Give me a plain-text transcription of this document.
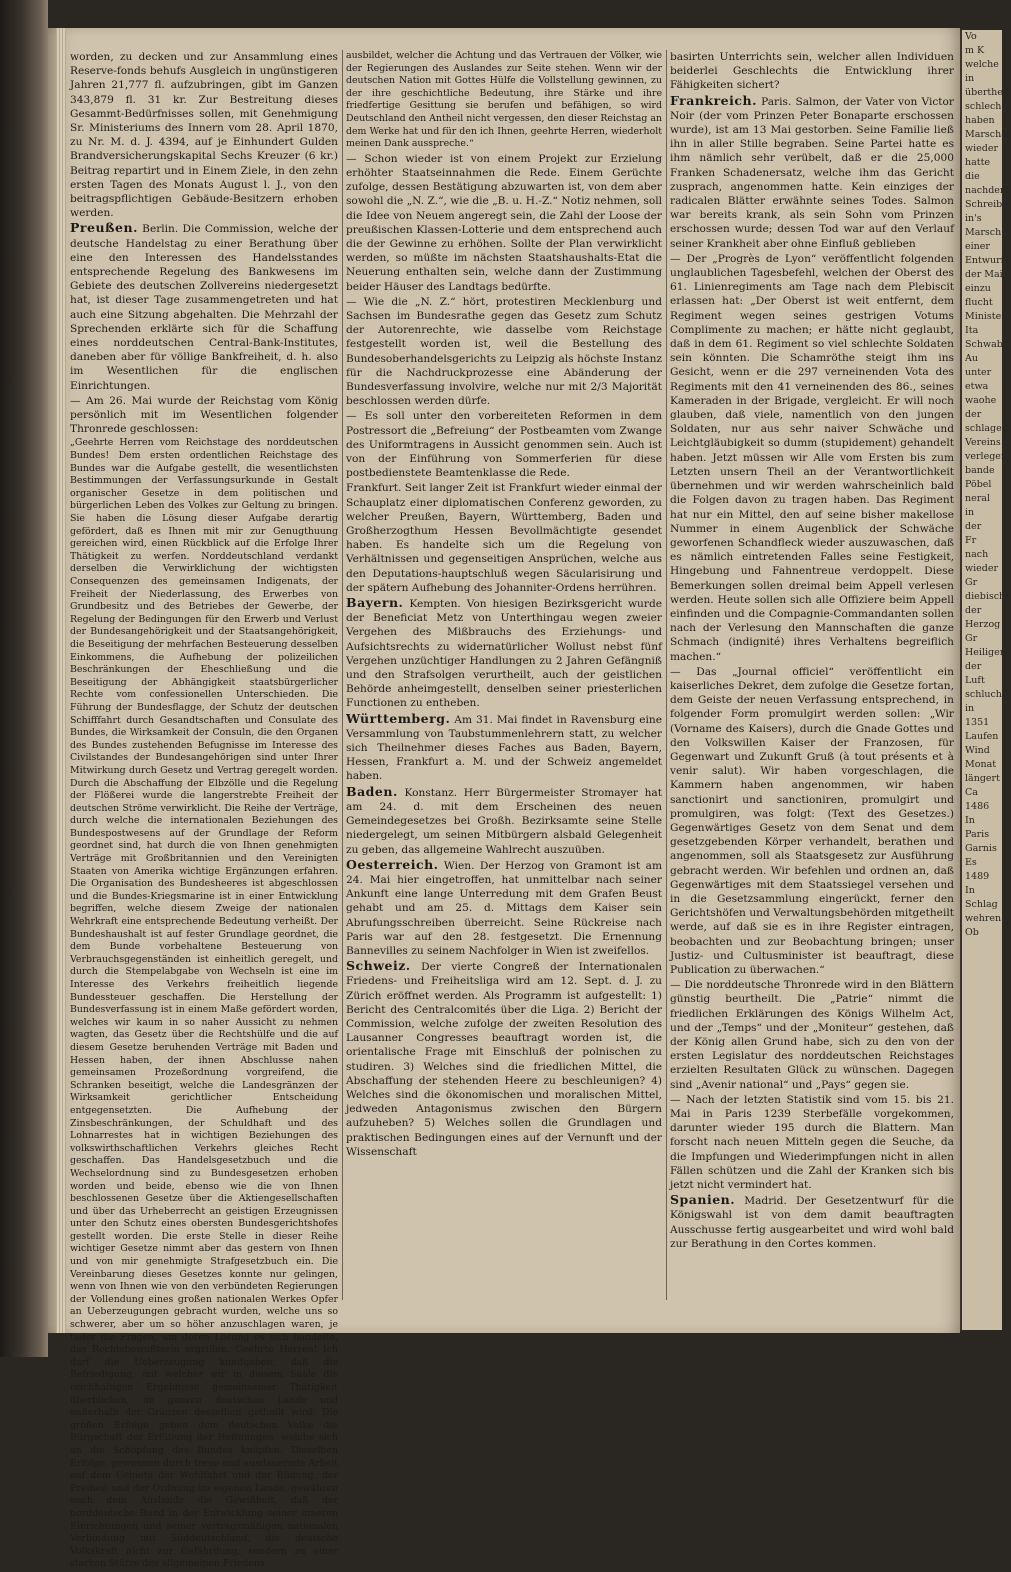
worden, zu decken und zur Ansammlung eines Reserve-fonds behufs Ausgleich in ungünstigeren Jahren 21,777 fl. aufzubringen, gibt im Ganzen 343,879 fl. 31 kr. Zur Bestreitung dieses Gesammt-Bedürfnisses sollen, mit Genehmigung Sr. Ministeriums des Innern vom 28. April 1870, zu Nr. M. d. J. 4394, auf je Einhundert Gulden Brandversicherungskapital Sechs Kreuzer (6 kr.) Beitrag repartirt und in Einem Ziele, in den zehn ersten Tagen des Monats August l. J., von den beitragspflichtigen Gebäude-Besitzern erhoben werden.
Preußen. Berlin. Die Commission, welche der deutsche Handelstag zu einer Berathung über eine den Interessen des Handelsstandes entsprechende Regelung des Bankwesens im Gebiete des deutschen Zollvereins niedergesetzt hat, ist dieser Tage zusammengetreten und hat auch eine Sitzung abgehalten. Die Mehrzahl der Sprechenden erklärte sich für die Schaffung eines norddeutschen Central-Bank-Institutes, daneben aber für völlige Bankfreiheit, d. h. also im Wesentlichen für die englischen Einrichtungen.
— Am 26. Mai wurde der Reichstag vom König persönlich mit im Wesentlichen folgender Thronrede geschlossen:
„Geehrte Herren vom Reichstage des norddeutschen Bundes! Dem ersten ordentlichen Reichstage des Bundes war die Aufgabe gestellt, die wesentlichsten Bestimmungen der Verfassungsurkunde in Gestalt organischer Gesetze in dem politischen und bürgerlichen Leben des Volkes zur Geltung zu bringen. Sie haben die Lösung dieser Aufgabe derartig gefördert, daß es Ihnen mit mir zur Genugthuung gereichen wird, einen Rückblick auf die Erfolge Ihrer Thätigkeit zu werfen. Norddeutschland verdankt derselben die Verwirklichung der wichtigsten Consequenzen des gemeinsamen Indigenats, der Freiheit der Niederlassung, des Erwerbes von Grundbesitz und des Betriebes der Gewerbe, der Regelung der Bedingungen für den Erwerb und Verlust der Bundesangehörigkeit und der Staatsangehörigkeit, die Beseitigung der mehrfachen Besteuerung desselben Einkommens, die Aufhebung der polizeilichen Beschränkungen der Eheschließung und die Beseitigung der Abhängigkeit staatsbürgerlicher Rechte vom confessionellen Unterschieden. Die Führung der Bundesflagge, der Schutz der deutschen Schifffahrt durch Gesandtschaften und Consulate des Bundes, die Wirksamkeit der Consuln, die den Organen des Bundes zustehenden Befugnisse im Interesse des Civilstandes der Bundesangehörigen sind unter Ihrer Mitwirkung durch Gesetz und Vertrag geregelt worden. Durch die Abschaffung der Elbzölle und die Regelung der Flößerei wurde die langerstrebte Freiheit der deutschen Ströme verwirklicht. Die Reihe der Verträge, durch welche die internationalen Beziehungen des Bundespostwesens auf der Grundlage der Reform geordnet sind, hat durch die von Ihnen genehmigten Verträge mit Großbritannien und den Vereinigten Staaten von Amerika wichtige Ergänzungen erfahren. Die Organisation des Bundesheeres ist abgeschlossen und die Bundes-Kriegsmarine ist in einer Entwicklung begriffen, welche diesem Zweige der nationalen Wehrkraft eine entsprechende Bedeutung verheißt. Der Bundeshaushalt ist auf fester Grundlage geordnet, die dem Bunde vorbehaltene Besteuerung von Verbrauchsgegenständen ist einheitlich geregelt, und durch die Stempelabgabe von Wechseln ist eine im Interesse des Verkehrs freiheitlich liegende Bundessteuer geschaffen. Die Herstellung der Bundesverfassung ist in einem Maße gefördert worden, welches wir kaum in so naher Aussicht zu nehmen wagten, das Gesetz über die Rechtshülfe und die auf diesem Gesetze beruhenden Verträge mit Baden und Hessen haben, der ihnen Abschlusse nahen gemeinsamen Prozeßordnung vorgreifend, die Schranken beseitigt, welche die Landesgränzen der Wirksamkeit gerichtlicher Entscheidung entgegensetzten. Die Aufhebung der Zinsbeschränkungen, der Schuldhaft und des Lohnarrestes hat in wichtigen Beziehungen des volkswirthschaftlichen Verkehrs gleiches Recht geschaffen. Das Handelsgesetzbuch und die Wechselordnung sind zu Bundesgesetzen erhoben worden und beide, ebenso wie die von Ihnen beschlossenen Gesetze über die Aktiengesellschaften und über das Urheberrecht an geistigen Erzeugnissen unter den Schutz eines obersten Bundesgerichtshofes gestellt worden. Die erste Stelle in dieser Reihe wichtiger Gesetze nimmt aber das gestern von Ihnen und von mir genehmigte Strafgesetzbuch ein. Die Vereinbarung dieses Gesetzes konnte nur gelingen, wenn von Ihnen wie von den verbündeten Regierungen der Vollendung eines großen nationalen Werkes Opfer an Ueberzeugungen gebracht wurden, welche uns so schwerer, aber um so höher anzuschlagen waren, je tiefer die Fragen, um deren Lösung es sich handelte, das Rechtsbewußtsein ergriffen. Geehrte Herren! Ich darf die Ueberzeugung kundgeben, daß die Befriedigung, mit welcher wir in diesem Saale die reichhaltigen Ergebnisse gemeinsamer Thätigkeit überblicken, im ganzen deutschen Lande und außerhalb der Gränzen desselben getheilt wird. Die großen Erfolge geben dem deutschen Volke die Bürgschaft der Erfüllung der Hoffnungen, welche sich an die Schöpfung des Bundes knüpfen. Dieselben Erfolge, gewonnen durch treue und ausdauernde Arbeit auf dem Gebiete der Wohlfahrt und der Bildung, der Freiheit und der Ordnung im eigenen Lande, gewähren auch dem Auslande die Gewißheit, daß der norddeutsche Bund in der Entwicklung seiner inneren Einrichtungen und seiner vertragsmäßigen nationalen Verbindung mit Süddeutschland, die deutsche Volkskraft nicht zur Gefährdung, sondern zu einer starken Stütze des allgemeinen Friedens
ausbildet, welcher die Achtung und das Vertrauen der Völker, wie der Regierungen des Auslandes zur Seite stehen. Wenn wir der deutschen Nation mit Gottes Hülfe die Vollstellung gewinnen, zu der ihre geschichtliche Bedeutung, ihre Stärke und ihre friedfertige Gesittung sie berufen und befähigen, so wird Deutschland den Antheil nicht vergessen, den dieser Reichstag an dem Werke hat und für den ich Ihnen, geehrte Herren, wiederholt meinen Dank ausspreche.“
— Schon wieder ist von einem Projekt zur Erzielung erhöhter Staatseinnahmen die Rede. Einem Gerüchte zufolge, dessen Bestätigung abzuwarten ist, von dem aber sowohl die „N. Z.“, wie die „B. u. H.-Z.“ Notiz nehmen, soll die Idee von Neuem angeregt sein, die Zahl der Loose der preußischen Klassen-Lotterie und dem entsprechend auch die der Gewinne zu erhöhen. Sollte der Plan verwirklicht werden, so müßte im nächsten Staatshaushalts-Etat die Neuerung enthalten sein, welche dann der Zustimmung beider Häuser des Landtags bedürfte.
— Wie die „N. Z.“ hört, protestiren Mecklenburg und Sachsen im Bundesrathe gegen das Gesetz zum Schutz der Autorenrechte, wie dasselbe vom Reichstage festgestellt worden ist, weil die Bestellung des Bundesoberhandelsgerichts zu Leipzig als höchste Instanz für die Nachdruckprozesse eine Abänderung der Bundesverfassung involvire, welche nur mit 2/3 Majorität beschlossen werden dürfe.
— Es soll unter den vorbereiteten Reformen in dem Postressort die „Befreiung“ der Postbeamten vom Zwange des Uniformtragens in Aussicht genommen sein. Auch ist von der Einführung von Sommerferien für diese postbedienstete Beamtenklasse die Rede.
Frankfurt. Seit langer Zeit ist Frankfurt wieder einmal der Schauplatz einer diplomatischen Conferenz geworden, zu welcher Preußen, Bayern, Württemberg, Baden und Großherzogthum Hessen Bevollmächtigte gesendet haben. Es handelte sich um die Regelung von Verhältnissen und gegenseitigen Ansprüchen, welche aus den Deputations-hauptschluß wegen Säcularisirung und der spätern Aufhebung des Johanniter-Ordens herrühren.
Bayern. Kempten. Von hiesigen Bezirksgericht wurde der Beneficiat Metz von Unterthingau wegen zweier Vergehen des Mißbrauchs des Erziehungs- und Aufsichtsrechts zu widernatürlicher Wollust nebst fünf Vergehen unzüchtiger Handlungen zu 2 Jahren Gefängniß und den Strafsolgen verurtheilt, auch der geistlichen Behörde anheimgestellt, denselben seiner priesterlichen Functionen zu entheben.
Württemberg. Am 31. Mai findet in Ravensburg eine Versammlung von Taubstummenlehrern statt, zu welcher sich Theilnehmer dieses Faches aus Baden, Bayern, Hessen, Frankfurt a. M. und der Schweiz angemeldet haben.
Baden. Konstanz. Herr Bürgermeister Stromayer hat am 24. d. mit dem Erscheinen des neuen Gemeindegesetzes bei Großh. Bezirksamte seine Stelle niedergelegt, um seinen Mitbürgern alsbald Gelegenheit zu geben, das allgemeine Wahlrecht auszuüben.
Oesterreich. Wien. Der Herzog von Gramont ist am 24. Mai hier eingetroffen, hat unmittelbar nach seiner Ankunft eine lange Unterredung mit dem Grafen Beust gehabt und am 25. d. Mittags dem Kaiser sein Abrufungsschreiben überreicht. Seine Rückreise nach Paris war auf den 28. festgesetzt. Die Ernennung Bannevilles zu seinem Nachfolger in Wien ist zweifellos.
Schweiz. Der vierte Congreß der Internationalen Friedens- und Freiheitsliga wird am 12. Sept. d. J. zu Zürich eröffnet werden. Als Programm ist aufgestellt: 1) Bericht des Centralcomités über die Liga. 2) Bericht der Commission, welche zufolge der zweiten Resolution des Lausanner Congresses beauftragt worden ist, die orientalische Frage mit Einschluß der polnischen zu studiren. 3) Welches sind die friedlichen Mittel, die Abschaffung der stehenden Heere zu beschleunigen? 4) Welches sind die ökonomischen und moralischen Mittel, jedweden Antagonismus zwischen den Bürgern aufzuheben? 5) Welches sollen die Grundlagen und praktischen Bedingungen eines auf der Vernunft und der Wissenschaft
basirten Unterrichts sein, welcher allen Individuen beiderlei Geschlechts die Entwicklung ihrer Fähigkeiten sichert?
Frankreich. Paris. Salmon, der Vater von Victor Noir (der vom Prinzen Peter Bonaparte erschossen wurde), ist am 13 Mai gestorben. Seine Familie ließ ihn in aller Stille begraben. Seine Partei hatte es ihm nämlich sehr verübelt, daß er die 25,000 Franken Schadenersatz, welche ihm das Gericht zusprach, angenommen hatte. Kein einziges der radicalen Blätter erwähnte seines Todes. Salmon war bereits krank, als sein Sohn vom Prinzen erschossen wurde; dessen Tod war auf den Verlauf seiner Krankheit aber ohne Einfluß geblieben
— Der „Progrès de Lyon“ veröffentlicht folgenden unglaublichen Tagesbefehl, welchen der Oberst des 61. Linienregiments am Tage nach dem Plebiscit erlassen hat: „Der Oberst ist weit entfernt, dem Regiment wegen seines gestrigen Votums Complimente zu machen; er hätte nicht geglaubt, daß in dem 61. Regiment so viel schlechte Soldaten sein könnten. Die Schamröthe steigt ihm ins Gesicht, wenn er die 297 verneinenden Vota des Regiments mit den 41 verneinenden des 86., seines Kameraden in der Brigade, vergleicht. Er will noch glauben, daß viele, namentlich von den jungen Soldaten, nur aus sehr naiver Schwäche und Leichtgläubigkeit so dumm (stupidement) gehandelt haben. Jetzt müssen wir Alle vom Ersten bis zum Letzten unsern Theil an der Verantwortlichkeit übernehmen und wir werden wahrscheinlich bald die Folgen davon zu tragen haben. Das Regiment hat nur ein Mittel, den auf seine bisher makellose Nummer in einem Augenblick der Schwäche geworfenen Schandfleck wieder auszuwaschen, daß es nämlich eintretenden Falles seine Festigkeit, Hingebung und Fahnentreue verdoppelt. Diese Bemerkungen sollen dreimal beim Appell verlesen werden. Heute sollen sich alle Offiziere beim Appell einfinden und die Compagnie-Commandanten sollen nach der Verlesung den Mannschaften die ganze Schmach (indignité) ihres Verhaltens begreiflich machen.“
— Das „Journal officiel“ veröffentlicht ein kaiserliches Dekret, dem zufolge die Gesetze fortan, dem Geiste der neuen Verfassung entsprechend, in folgender Form promulgirt werden sollen: „Wir (Vorname des Kaisers), durch die Gnade Gottes und den Volkswillen Kaiser der Franzosen, für Gegenwart und Zukunft Gruß (à tout présents et à venir salut). Wir haben vorgeschlagen, die Kammern haben angenommen, wir haben sanctionirt und sanctioniren, promulgirt und promulgiren, was folgt: (Text des Gesetzes.) Gegenwärtiges Gesetz von dem Senat und dem gesetzgebenden Körper verhandelt, berathen und angenommen, soll als Staatsgesetz zur Ausführung gebracht werden. Wir befehlen und ordnen an, daß Gegenwärtiges mit dem Staatssiegel versehen und in die Gesetzsammlung eingerückt, ferner den Gerichtshöfen und Verwaltungsbehörden mitgetheilt werde, auf daß sie es in ihre Register eintragen, beobachten und zur Beobachtung bringen; unser Justiz- und Cultusminister ist beauftragt, diese Publication zu überwachen.“
— Die norddeutsche Thronrede wird in den Blättern günstig beurtheilt. Die „Patrie“ nimmt die friedlichen Erklärungen des Königs Wilhelm Act, und der „Temps“ und der „Moniteur“ gestehen, daß der König allen Grund habe, sich zu den von der ersten Legislatur des norddeutschen Reichstages erzielten Resultaten Glück zu wünschen. Dagegen sind „Avenir national“ und „Pays“ gegen sie.
— Nach der letzten Statistik sind vom 15. bis 21. Mai in Paris 1239 Sterbefälle vorgekommen, darunter wieder 195 durch die Blattern. Man forscht nach neuen Mitteln gegen die Seuche, da die Impfungen und Wiederimpfungen nicht in allen Fällen schützen und die Zahl der Kranken sich bis jetzt nicht vermindert hat.
Spanien. Madrid. Der Gesetzentwurf für die Königswahl ist von dem damit beauftragten Ausschusse fertig ausgearbeitet und wird wohl bald zur Berathung in den Cortes kommen.
Vo
m K
welche
in
übertheil
schlech
haben
Marschal
wieder
hatte
die
nachdem
Schreib
in's
Marsch
einer
Entwurf
der Mai
einzu
flucht
Minister
Ita
Schwabe
Au
unter
etwa
waohe
der
schlagen
Vereins
verlegen
bande
Pöbel
neral
in
der
Fr
nach
wieder
Gr
diebische
der
Herzog
Gr
Heiligen
der
Luft
schlucht
in
1351
Laufen
Wind
Monat
längert
Ca
1486
In
Paris
Garnis
Es
1489
In
Schlag
wehren
Ob
